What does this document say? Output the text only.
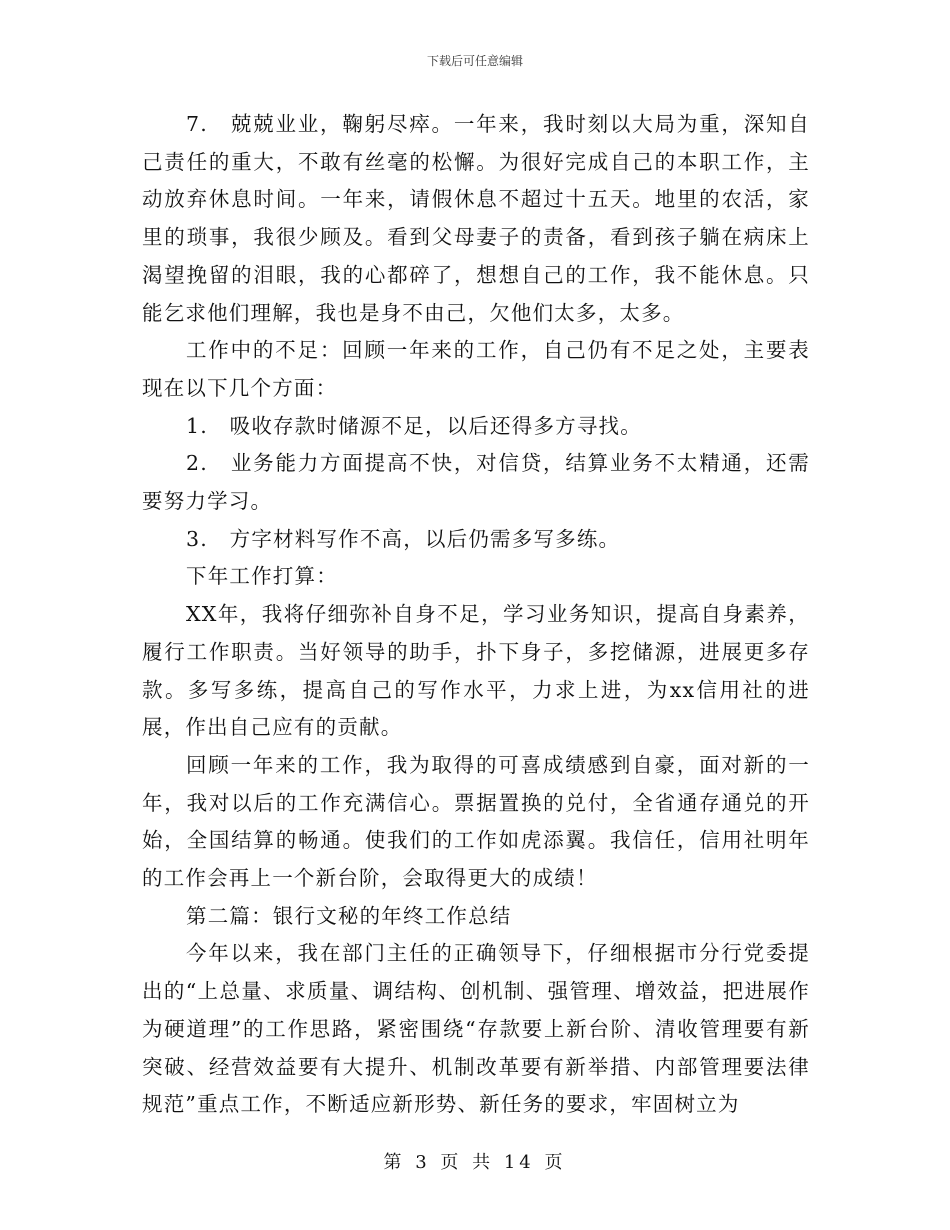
下载后可任意编辑

7.　兢兢业业，鞠躬尽瘁。一年来，我时刻以大局为重，深知自己责任的重大，不敢有丝毫的松懈。为很好完成自己的本职工作，主动放弃休息时间。一年来，请假休息不超过十五天。地里的农活，家里的琐事，我很少顾及。看到父母妻子的责备，看到孩子躺在病床上渴望挽留的泪眼，我的心都碎了，想想自己的工作，我不能休息。只能乞求他们理解，我也是身不由己，欠他们太多，太多。

工作中的不足：回顾一年来的工作，自己仍有不足之处，主要表现在以下几个方面：

1.　吸收存款时储源不足，以后还得多方寻找。

2.　业务能力方面提高不快，对信贷，结算业务不太精通，还需要努力学习。

3.　方字材料写作不高，以后仍需多写多练。

下年工作打算：

XX年，我将仔细弥补自身不足，学习业务知识，提高自身素养，履行工作职责。当好领导的助手，扑下身子，多挖储源，进展更多存款。多写多练，提高自己的写作水平，力求上进，为xx信用社的进展，作出自己应有的贡献。

回顾一年来的工作，我为取得的可喜成绩感到自豪，面对新的一年，我对以后的工作充满信心。票据置换的兑付，全省通存通兑的开始，全国结算的畅通。使我们的工作如虎添翼。我信任，信用社明年的工作会再上一个新台阶，会取得更大的成绩！

第二篇：银行文秘的年终工作总结

今年以来，我在部门主任的正确领导下，仔细根据市分行党委提出的“上总量、求质量、调结构、创机制、强管理、增效益，把进展作为硬道理”的工作思路，紧密围绕“存款要上新台阶、清收管理要有新突破、经营效益要有大提升、机制改革要有新举措、内部管理要法律规范”重点工作，不断适应新形势、新任务的要求，牢固树立为

第 3 页 共 14 页
